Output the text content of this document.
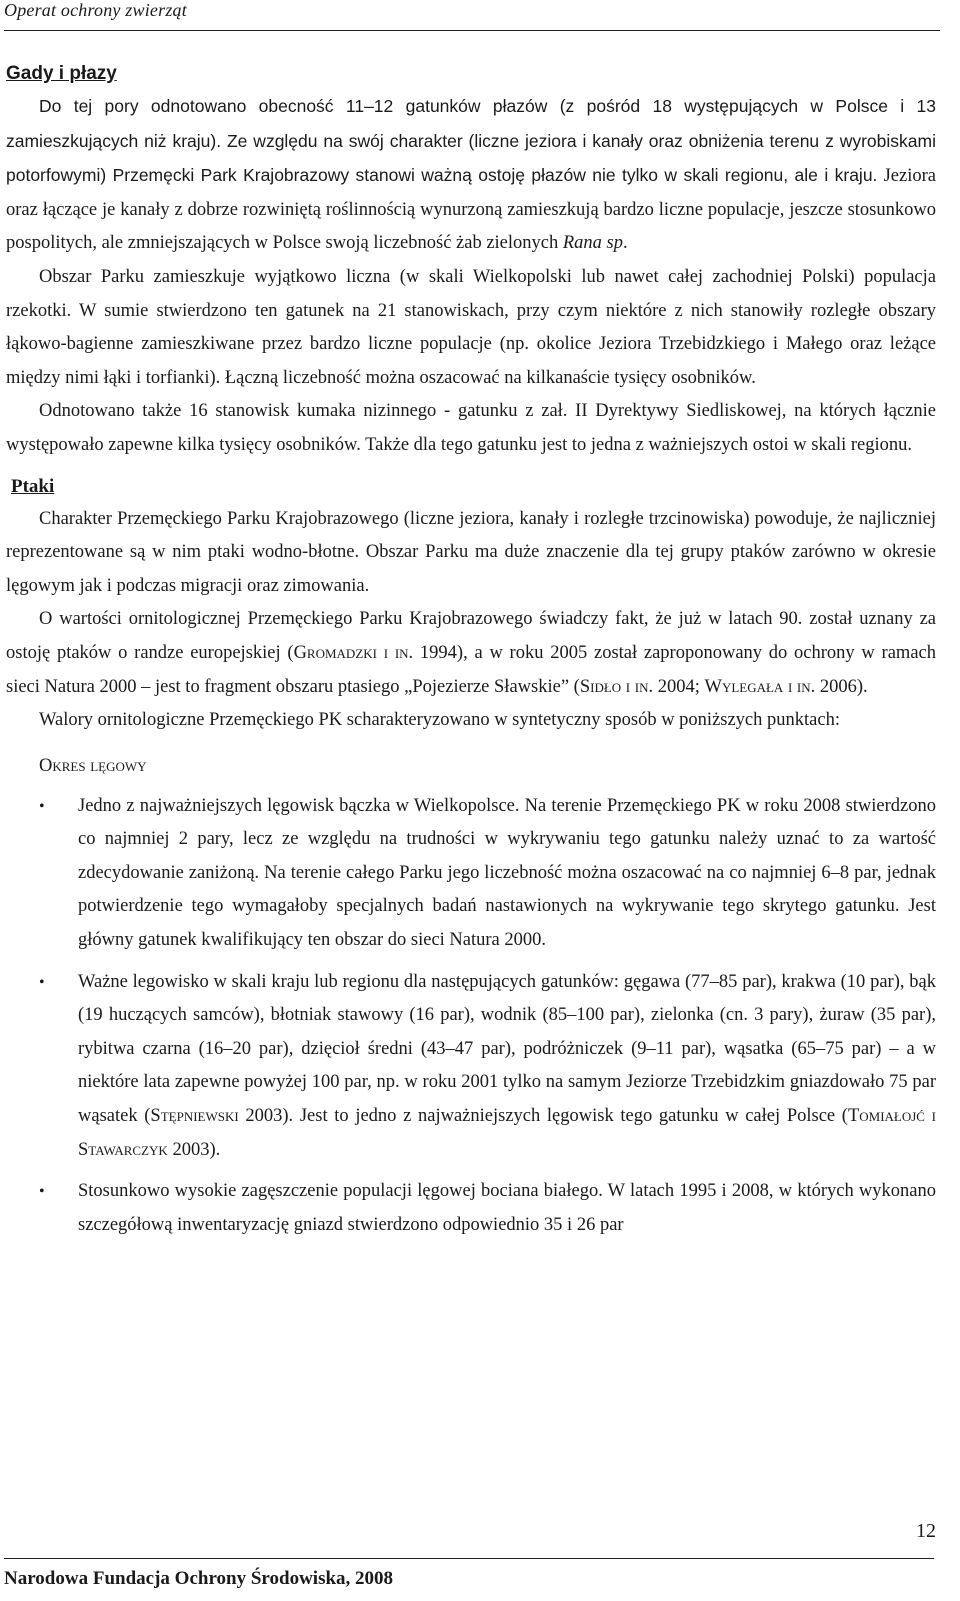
Operat ochrony zwierząt
Gady i płazy

Do tej pory odnotowano obecność 11–12 gatunków płazów (z pośród 18 występujących w Polsce i 13 zamieszkujących niż kraju). Ze względu na swój charakter (liczne jeziora i kanały oraz obniżenia terenu z wyrobiskami potorfowymi) Przemęcki Park Krajobrazowy stanowi ważną ostoję płazów nie tylko w skali regionu, ale i kraju. Jeziora oraz łączące je kanały z dobrze rozwiniętą roślinnością wynurzoną zamieszkują bardzo liczne populacje, jeszcze stosunkowo pospolitych, ale zmniejszających w Polsce swoją liczebność żab zielonych Rana sp.

Obszar Parku zamieszkuje wyjątkowo liczna (w skali Wielkopolski lub nawet całej zachodniej Polski) populacja rzekotki. W sumie stwierdzono ten gatunek na 21 stanowiskach, przy czym niektóre z nich stanowiły rozległe obszary łąkowo-bagienne zamieszkiwane przez bardzo liczne populacje (np. okolice Jeziora Trzebidzkiego i Małego oraz leżące między nimi łąki i torfianki). Łączną liczebność można oszacować na kilkanaście tysięcy osobników.

Odnotowano także 16 stanowisk kumaka nizinnego - gatunku z zał. II Dyrektywy Siedliskowej, na których łącznie występowało zapewne kilka tysięcy osobników. Także dla tego gatunku jest to jedna z ważniejszych ostoi w skali regionu.

Ptaki

Charakter Przemęckiego Parku Krajobrazowego (liczne jeziora, kanały i rozległe trzcinowiska) powoduje, że najliczniej reprezentowane są w nim ptaki wodno-błotne. Obszar Parku ma duże znaczenie dla tej grupy ptaków zarówno w okresie lęgowym jak i podczas migracji oraz zimowania.

O wartości ornitologicznej Przemęckiego Parku Krajobrazowego świadczy fakt, że już w latach 90. został uznany za ostoję ptaków o randze europejskiej (Gromadzki i in. 1994), a w roku 2005 został zaproponowany do ochrony w ramach sieci Natura 2000 – jest to fragment obszaru ptasiego „Pojezierze Sławskie” (Sidło i in. 2004; Wylegała i in. 2006).

Walory ornitologiczne Przemęckiego PK scharakteryzowano w syntetyczny sposób w poniższych punktach:

Okres lęgowy
• Jedno z najważniejszych lęgowisk bączka w Wielkopolsce. Na terenie Przemęckiego PK w roku 2008 stwierdzono co najmniej 2 pary, lecz ze względu na trudności w wykrywaniu tego gatunku należy uznać to za wartość zdecydowanie zaniżoną. Na terenie całego Parku jego liczebność można oszacować na co najmniej 6–8 par, jednak potwierdzenie tego wymagałoby specjalnych badań nastawionych na wykrywanie tego skrytego gatunku. Jest główny gatunek kwalifikujący ten obszar do sieci Natura 2000.
• Ważne legowisko w skali kraju lub regionu dla następujących gatunków: gęgawa (77–85 par), krakwa (10 par), bąk (19 huczących samców), błotniak stawowy (16 par), wodnik (85–100 par), zielonka (cn. 3 pary), żuraw (35 par), rybitwa czarna (16–20 par), dzięcioł średni (43–47 par), podróżniczek (9–11 par), wąsatka (65–75 par) – a w niektóre lata zapewne powyżej 100 par, np. w roku 2001 tylko na samym Jeziorze Trzebidzkim gniazdowało 75 par wąsatek (Stępniewski 2003). Jest to jedno z najważniejszych lęgowisk tego gatunku w całej Polsce (Tomiałojć i Stawarczyk 2003).
• Stosunkowo wysokie zagęszczenie populacji lęgowej bociana białego. W latach 1995 i 2008, w których wykonano szczegółową inwentaryzację gniazd stwierdzono odpowiednio 35 i 26 par
12
Narodowa Fundacja Ochrony Środowiska, 2008
